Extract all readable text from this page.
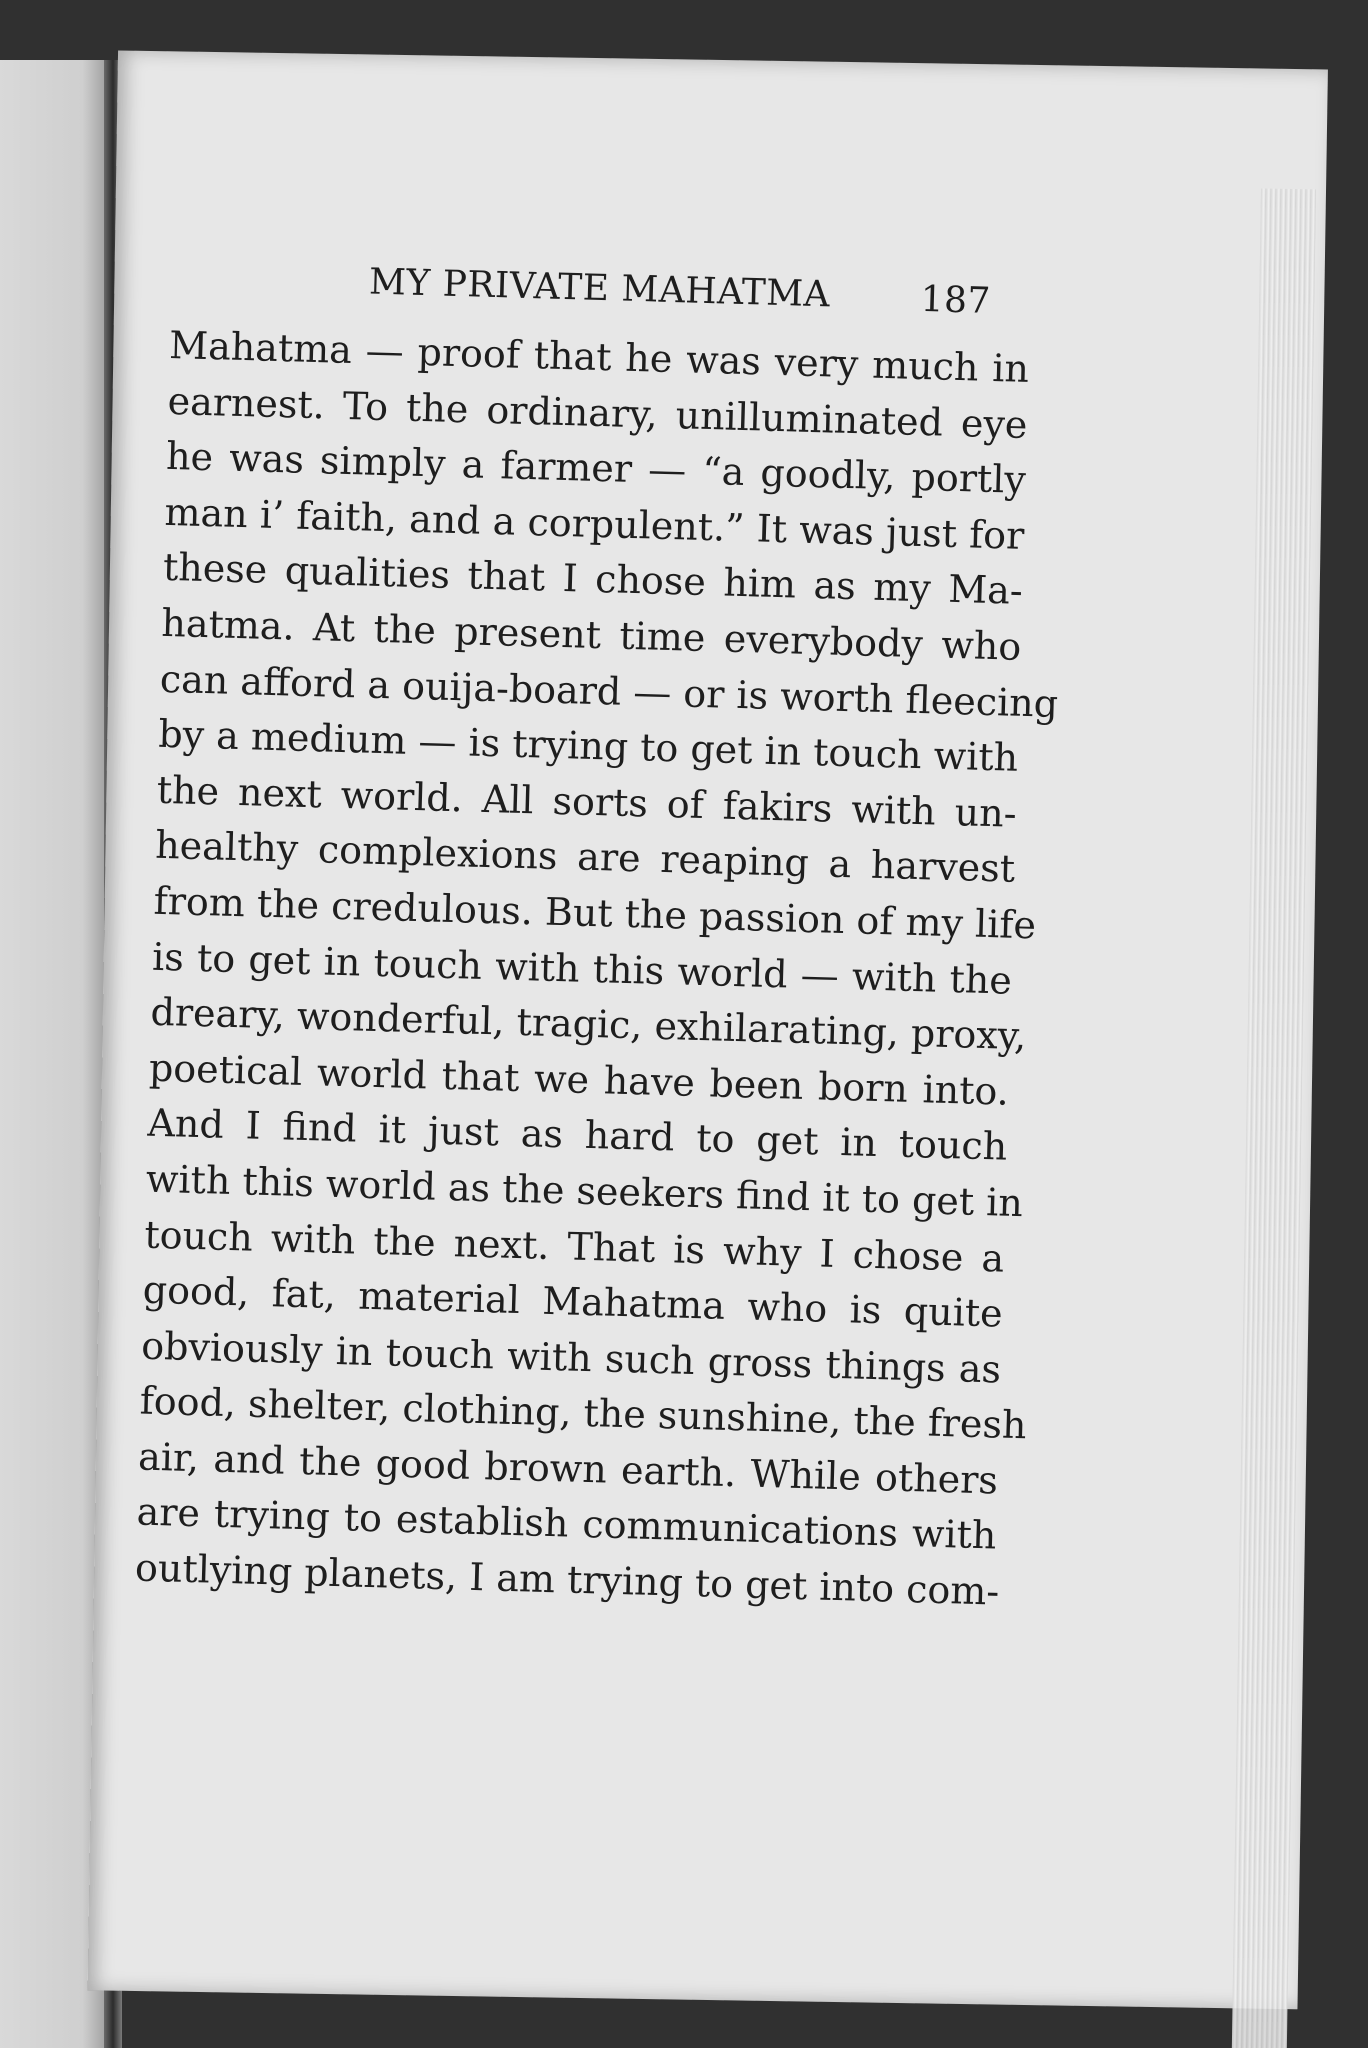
MY PRIVATE MAHATMA 187
Mahatma — proof that he was very much in
earnest. To the ordinary, unilluminated eye
he was simply a farmer — “a goodly, portly
man i’ faith, and a corpulent.” It was just for
these qualities that I chose him as my Ma-
hatma. At the present time everybody who
can afford a ouija-board — or is worth fleecing
by a medium — is trying to get in touch with
the next world. All sorts of fakirs with un-
healthy complexions are reaping a harvest
from the credulous. But the passion of my life
is to get in touch with this world — with the
dreary, wonderful, tragic, exhilarating, proxy,
poetical world that we have been born into.
And I find it just as hard to get in touch
with this world as the seekers find it to get in
touch with the next. That is why I chose a
good, fat, material Mahatma who is quite
obviously in touch with such gross things as
food, shelter, clothing, the sunshine, the fresh
air, and the good brown earth. While others
are trying to establish communications with
outlying planets, I am trying to get into com-
